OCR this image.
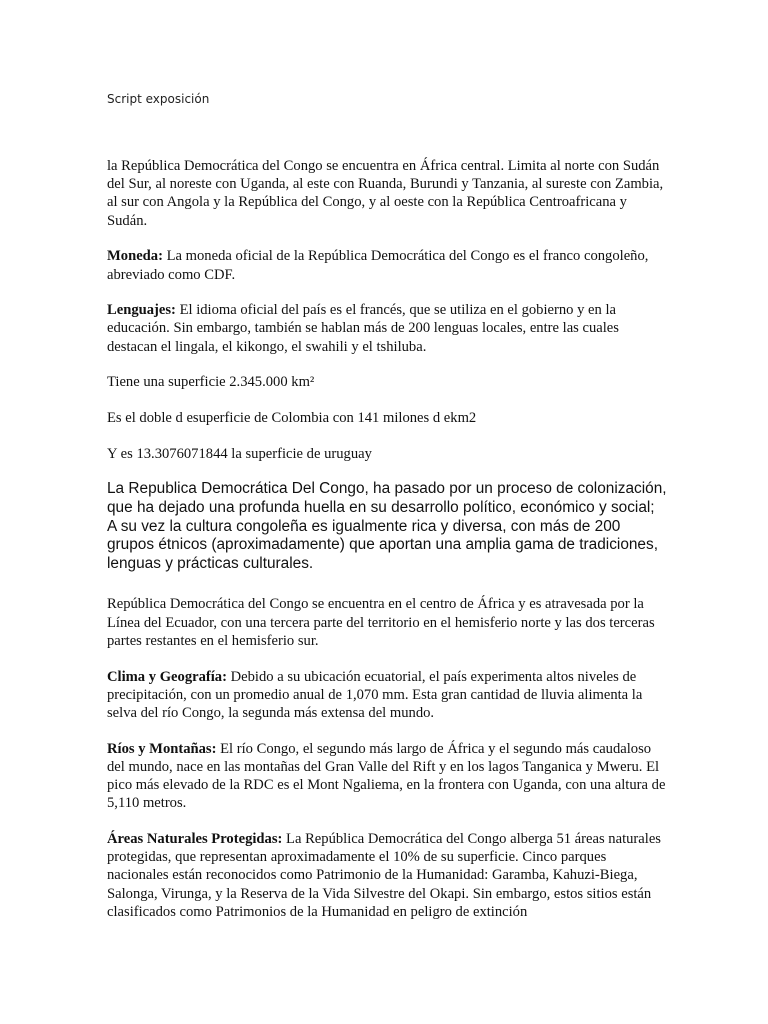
Script exposición

la República Democrática del Congo se encuentra en África central. Limita al norte con Sudán del Sur, al noreste con Uganda, al este con Ruanda, Burundi y Tanzania, al sureste con Zambia, al sur con Angola y la República del Congo, y al oeste con la República Centroafricana y Sudán.

Moneda: La moneda oficial de la República Democrática del Congo es el franco congoleño, abreviado como CDF.

Lenguajes: El idioma oficial del país es el francés, que se utiliza en el gobierno y en la educación. Sin embargo, también se hablan más de 200 lenguas locales, entre las cuales destacan el lingala, el kikongo, el swahili y el tshiluba.

Tiene una superficie 2.345.000 km²

Es el doble d esuperficie de Colombia con 141 milones d ekm2

Y es 13.3076071844 la superficie de uruguay

La Republica Democrática Del Congo, ha pasado por un proceso de colonización, que ha dejado una profunda huella en su desarrollo político, económico y social; A su vez la cultura congoleña es igualmente rica y diversa, con más de 200 grupos étnicos (aproximadamente) que aportan una amplia gama de tradiciones, lenguas y prácticas culturales.

República Democrática del Congo se encuentra en el centro de África y es atravesada por la Línea del Ecuador, con una tercera parte del territorio en el hemisferio norte y las dos terceras partes restantes en el hemisferio sur.

Clima y Geografía: Debido a su ubicación ecuatorial, el país experimenta altos niveles de precipitación, con un promedio anual de 1,070 mm. Esta gran cantidad de lluvia alimenta la selva del río Congo, la segunda más extensa del mundo.

Ríos y Montañas: El río Congo, el segundo más largo de África y el segundo más caudaloso del mundo, nace en las montañas del Gran Valle del Rift y en los lagos Tanganica y Mweru. El pico más elevado de la RDC es el Mont Ngaliema, en la frontera con Uganda, con una altura de 5,110 metros.

Áreas Naturales Protegidas: La República Democrática del Congo alberga 51 áreas naturales protegidas, que representan aproximadamente el 10% de su superficie. Cinco parques nacionales están reconocidos como Patrimonio de la Humanidad: Garamba, Kahuzi-Biega, Salonga, Virunga, y la Reserva de la Vida Silvestre del Okapi. Sin embargo, estos sitios están clasificados como Patrimonios de la Humanidad en peligro de extinción
